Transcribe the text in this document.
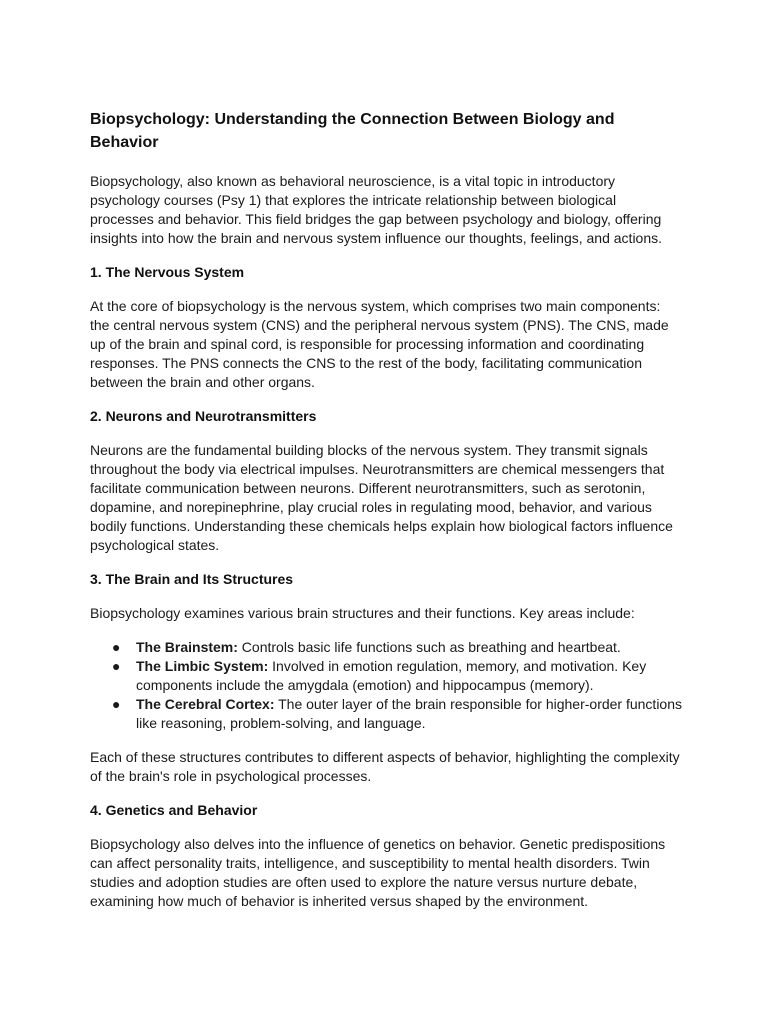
Biopsychology: Understanding the Connection Between Biology and Behavior

Biopsychology, also known as behavioral neuroscience, is a vital topic in introductory psychology courses (Psy 1) that explores the intricate relationship between biological processes and behavior. This field bridges the gap between psychology and biology, offering insights into how the brain and nervous system influence our thoughts, feelings, and actions.

1. The Nervous System

At the core of biopsychology is the nervous system, which comprises two main components: the central nervous system (CNS) and the peripheral nervous system (PNS). The CNS, made up of the brain and spinal cord, is responsible for processing information and coordinating responses. The PNS connects the CNS to the rest of the body, facilitating communication between the brain and other organs.

2. Neurons and Neurotransmitters

Neurons are the fundamental building blocks of the nervous system. They transmit signals throughout the body via electrical impulses. Neurotransmitters are chemical messengers that facilitate communication between neurons. Different neurotransmitters, such as serotonin, dopamine, and norepinephrine, play crucial roles in regulating mood, behavior, and various bodily functions. Understanding these chemicals helps explain how biological factors influence psychological states.

3. The Brain and Its Structures

Biopsychology examines various brain structures and their functions. Key areas include:

● The Brainstem: Controls basic life functions such as breathing and heartbeat.
● The Limbic System: Involved in emotion regulation, memory, and motivation. Key components include the amygdala (emotion) and hippocampus (memory).
● The Cerebral Cortex: The outer layer of the brain responsible for higher-order functions like reasoning, problem-solving, and language.

Each of these structures contributes to different aspects of behavior, highlighting the complexity of the brain's role in psychological processes.

4. Genetics and Behavior

Biopsychology also delves into the influence of genetics on behavior. Genetic predispositions can affect personality traits, intelligence, and susceptibility to mental health disorders. Twin studies and adoption studies are often used to explore the nature versus nurture debate, examining how much of behavior is inherited versus shaped by the environment.
